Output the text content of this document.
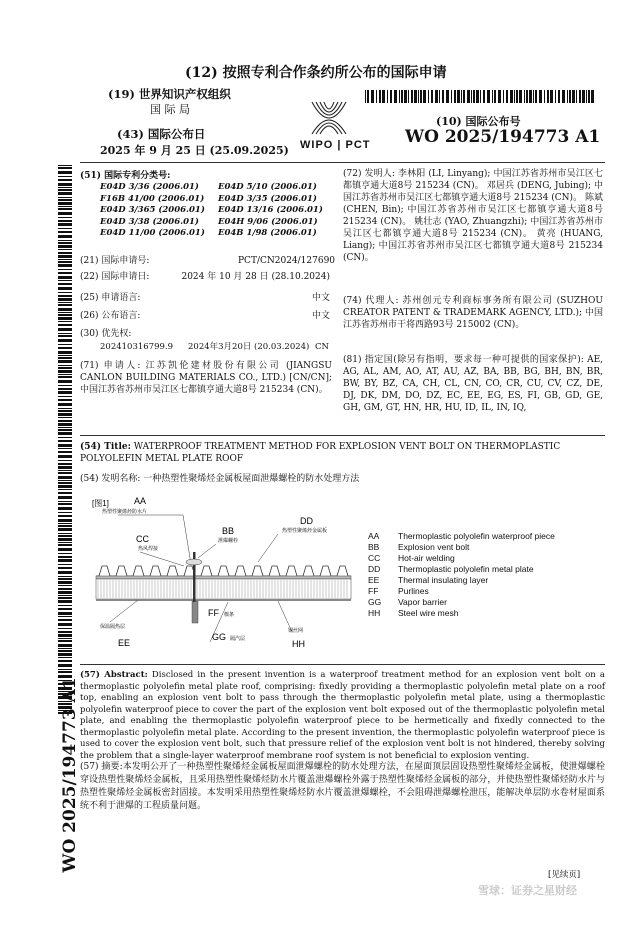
(12) 按照专利合作条约所公布的国际申请
(19) 世界知识产权组织
国 际 局
(43) 国际公布日
2025 年 9 月 25 日 (25.09.2025) WIPO | PCT
(10) 国际公布号
WO 2025/194773 A1
(51) 国际专利分类号:
E04D 3/36 (2006.01)	E04D 5/10 (2006.01)
F16B 41/00 (2006.01)	E04D 3/35 (2006.01)
E04D 3/365 (2006.01)	E04D 13/16 (2006.01)
E04D 3/38 (2006.01)	E04H 9/06 (2006.01)
E04D 11/00 (2006.01)	E04B 1/98 (2006.01)
(21) 国际申请号:	PCT/CN2024/127690
(22) 国际申请日:	2024 年 10 月 28 日 (28.10.2024)
(25) 申请语言:	中文
(26) 公布语言:	中文
(30) 优先权:
202410316799.9 2024年3月20日 (20.03.2024) CN
(71) 申请人: 江苏凯伦建材股份有限公司 (JIANGSU CANLON BUILDING MATERIALS CO., LTD.) [CN/CN]; 中国江苏省苏州市吴江区七都镇亨通大道8号 215234 (CN)。
(72) 发明人: 李林阳 (LI, Linyang); 中国江苏省苏州市吴江区七都镇亨通大道8号 215234 (CN)。 邓居兵 (DENG, Jubing); 中国江苏省苏州市吴江区七都镇亨通大道8号 215234 (CN)。 陈斌 (CHEN, Bin); 中国江苏省苏州市吴江区七都镇亨通大道8号 215234 (CN)。 姚壮志 (YAO, Zhuangzhi); 中国江苏省苏州市吴江区七都镇亨通大道8号 215234 (CN)。 黄亮 (HUANG, Liang); 中国江苏省苏州市吴江区七都镇亨通大道8号 215234 (CN)。
(74) 代理人: 苏州创元专利商标事务所有限公司 (SUZHOU CREATOR PATENT & TRADEMARK AGENCY, LTD.); 中国江苏省苏州市干将西路93号 215002 (CN)。
(81) 指定国(除另有指明，要求每一种可提供的国家保护): AE, AG, AL, AM, AO, AT, AU, AZ, BA, BB, BG, BH, BN, BR, BW, BY, BZ, CA, CH, CL, CN, CO, CR, CU, CV, CZ, DE, DJ, DK, DM, DO, DZ, EC, EE, EG, ES, FI, GB, GD, GE, GH, GM, GT, HN, HR, HU, ID, IL, IN, IQ,
(54) Title: WATERPROOF TREATMENT METHOD FOR EXPLOSION VENT BOLT ON THERMOPLASTIC POLYOLEFIN METAL PLATE ROOF
(54) 发明名称: 一种热塑性聚烯烃金属板屋面泄爆螺栓的防水处理方法
[图1]	AA
热塑性聚烯烃防水片
BB
泄爆螺栓
CC
热风焊接
DD
热塑性聚烯烃金属板
FF 檩条
保温隔热层
EE
GG 隔汽层
钢丝网
HH
AA	Thermoplastic polyolefin waterproof piece
BB	Explosion vent bolt
CC	Hot-air welding
DD	Thermoplastic polyolefin metal plate
EE	Thermal insulating layer
FF	Purlines
GG	Vapor barrier
HH	Steel wire mesh
(57) Abstract: Disclosed in the present invention is a waterproof treatment method for an explosion vent bolt on a thermoplastic polyolefin metal plate roof, comprising: fixedly providing a thermoplastic polyolefin metal plate on a roof top, enabling an explosion vent bolt to pass through the thermoplastic polyolefin metal plate, using a thermoplastic polyolefin waterproof piece to cover the part of the explosion vent bolt exposed out of the thermoplastic polyolefin metal plate, and enabling the thermoplastic polyolefin waterproof piece to be hermetically and fixedly connected to the thermoplastic polyolefin metal plate. According to the present invention, the thermoplastic polyolefin waterproof piece is used to cover the explosion vent bolt, such that pressure relief of the explosion vent bolt is not hindered, thereby solving the problem that a single-layer waterproof membrane roof system is not beneficial to explosion venting.
(57) 摘要:本发明公开了一种热塑性聚烯烃金属板屋面泄爆螺栓的防水处理方法，在屋面顶层固设热塑性聚烯烃金属板，使泄爆螺栓穿设热塑性聚烯烃金属板，且采用热塑性聚烯烃防水片覆盖泄爆螺栓外露于热塑性聚烯烃金属板的部分，并使热塑性聚烯烃防水片与热塑性聚烯烃金属板密封固接。本发明采用热塑性聚烯烃防水片覆盖泄爆螺栓，不会阻碍泄爆螺栓泄压，能解决单层防水卷材屋面系统不利于泄爆的工程质量问题。
[见续页]
雪球：证券之星财经
WO 2025/194773 A1
